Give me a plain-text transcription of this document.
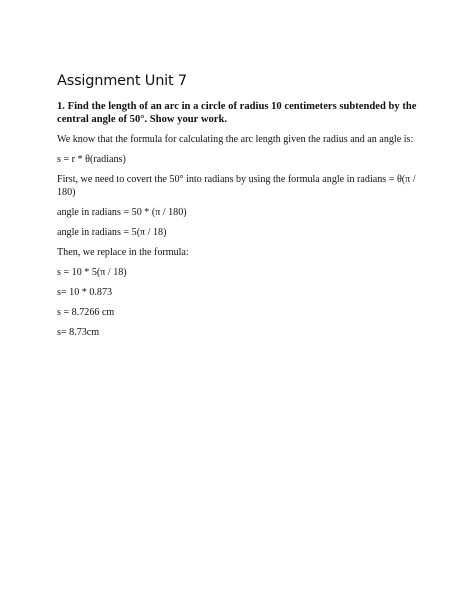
Assignment Unit 7

1. Find the length of an arc in a circle of radius 10 centimeters subtended by the central angle of 50°. Show your work.

We know that the formula for calculating the arc length given the radius and an angle is:

s = r * θ(radians)

First, we need to covert the 50° into radians by using the formula angle in radians = θ(π / 180)

angle in radians = 50 * (π / 180)

angle in radians = 5(π / 18)

Then, we replace in the formula:

s = 10 * 5(π / 18)

s= 10 * 0.873

s = 8.7266 cm

s= 8.73cm
